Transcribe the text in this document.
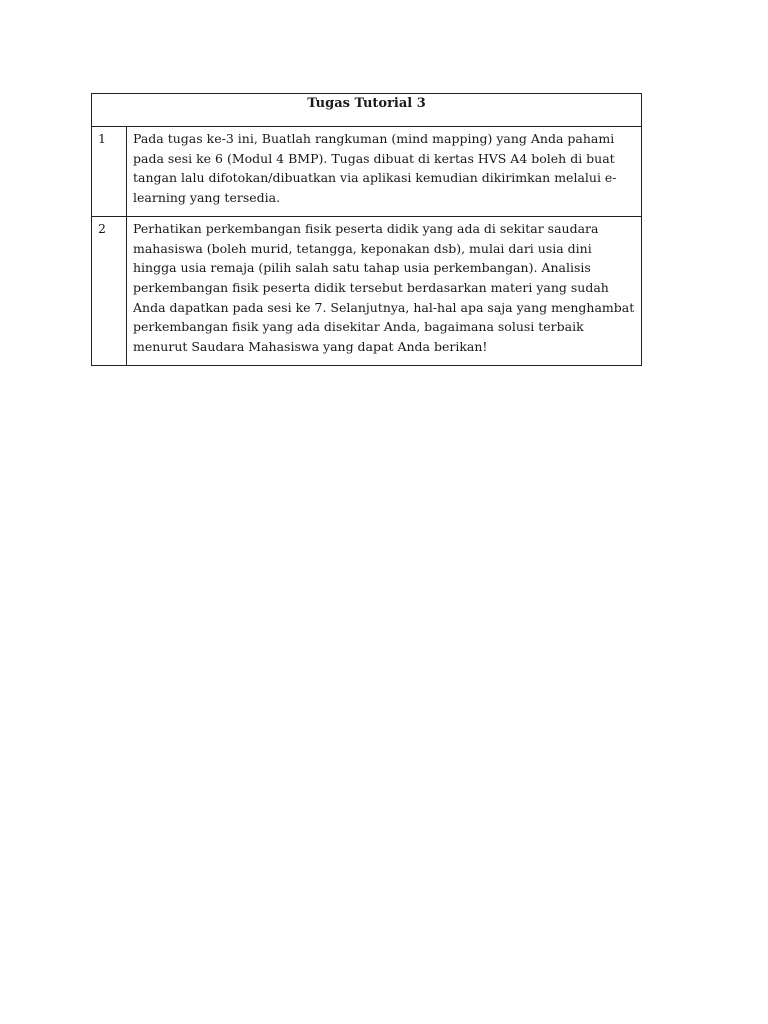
Tugas Tutorial 3	
1	Pada tugas ke-3 ini, Buatlah rangkuman (mind mapping) yang Anda pahami pada sesi ke 6 (Modul 4 BMP). Tugas dibuat di kertas HVS A4 boleh di buat tangan lalu difotokan/dibuatkan via aplikasi kemudian dikirimkan melalui e-learning yang tersedia.
2	Perhatikan perkembangan fisik peserta didik yang ada di sekitar saudara mahasiswa (boleh murid, tetangga, keponakan dsb), mulai dari usia dini hingga usia remaja (pilih salah satu tahap usia perkembangan). Analisis perkembangan fisik peserta didik tersebut berdasarkan materi yang sudah Anda dapatkan pada sesi ke 7. Selanjutnya, hal-hal apa saja yang menghambat perkembangan fisik yang ada disekitar Anda, bagaimana solusi terbaik menurut Saudara Mahasiswa yang dapat Anda berikan!
